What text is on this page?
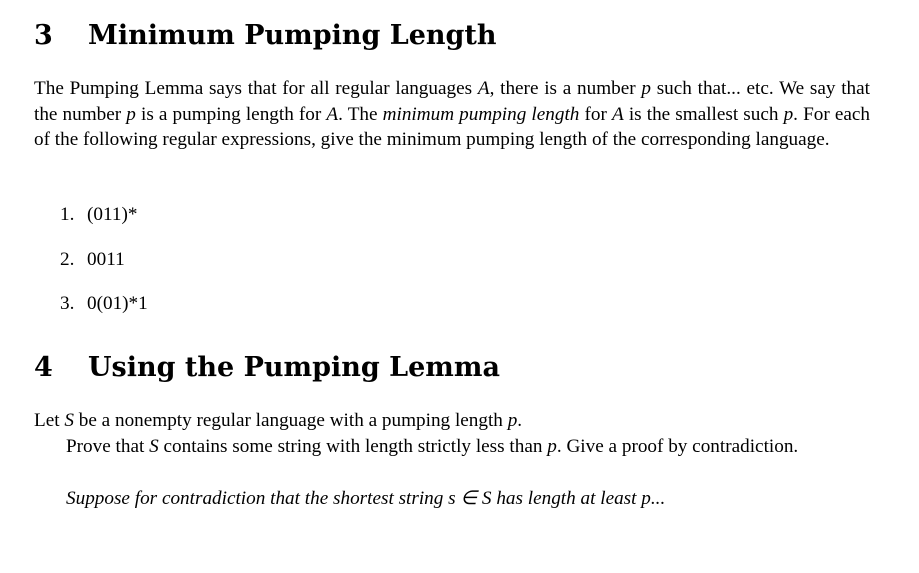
3 Minimum Pumping Length

The Pumping Lemma says that for all regular languages A, there is a number p such that... etc. We say that the number p is a pumping length for A. The minimum pumping length for A is the smallest such p. For each of the following regular expressions, give the minimum pumping length of the corresponding language.

1. (011)*

2. 0011

3. 0(01)*1

4 Using the Pumping Lemma

Let S be a nonempty regular language with a pumping length p.

Prove that S contains some string with length strictly less than p. Give a proof by contradiction.

Suppose for contradiction that the shortest string s ∈ S has length at least p...
